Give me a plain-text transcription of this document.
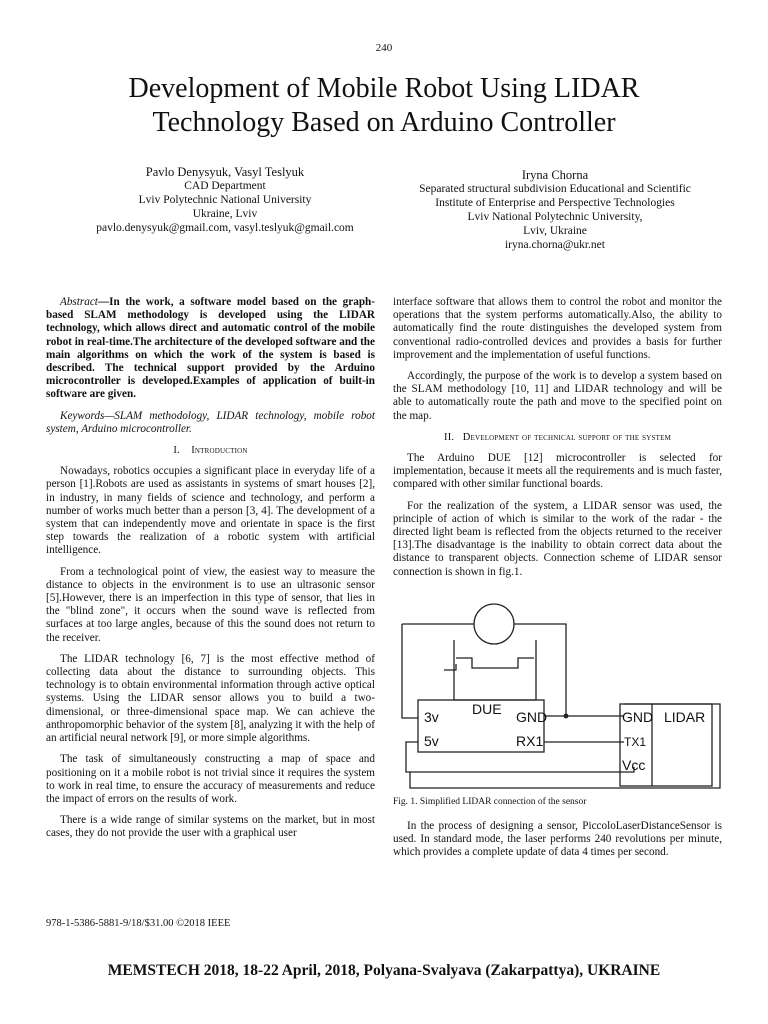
240
Development of Mobile Robot Using LIDAR
Technology Based on Arduino Controller
Pavlo Denysyuk, Vasyl Teslyuk
CAD Department
Lviv Polytechnic National University
Ukraine, Lviv
pavlo.denysyuk@gmail.com, vasyl.teslyuk@gmail.com
Iryna Chorna
Separated structural subdivision Educational and Scientific
Institute of Enterprise and Perspective Technologies
Lviv National Polytechnic University,
Lviv, Ukraine
iryna.chorna@ukr.net

Abstract—In the work, a software model based on the graph-based SLAM methodology is developed using the LIDAR technology, which allows direct and automatic control of the mobile robot in real-time.The architecture of the developed software and the main algorithms on which the work of the system is based is described. The technical support provided by the Arduino microcontroller is developed.Examples of application of built-in software are given.

Keywords—SLAM methodology, LIDAR technology, mobile robot system, Arduino microcontroller.

I. Introduction

Nowadays, robotics occupies a significant place in everyday life of a person [1].Robots are used as assistants in systems of smart houses [2], in industry, in many fields of science and technology, and perform a number of works much better than a person [3, 4]. The development of a system that can independently move and orientate in space is the first step towards the realization of a robotic system with artificial intelligence.

From a technological point of view, the easiest way to measure the distance to objects in the environment is to use an ultrasonic sensor [5].However, there is an imperfection in this type of sensor, that lies in the "blind zone", it occurs when the sound wave is reflected from surfaces at too large angles, because of this the sound does not return to the receiver.

The LIDAR technology [6, 7] is the most effective method of collecting data about the distance to surrounding objects. This technology is to obtain environmental information through active optical systems. Using the LIDAR sensor allows you to build a two-dimensional, or three-dimensional space map. We can achieve the anthropomorphic behavior of the system [8], analyzing it with the help of an artificial neural network [9], or more simple algorithms.

The task of simultaneously constructing a map of space and positioning on it a mobile robot is not trivial since it requires the system to work in real time, to ensure the accuracy of measurements and reduce the impact of errors on the results of work.

There is a wide range of similar systems on the market, but in most cases, they do not provide the user with a graphical user

interface software that allows them to control the robot and monitor the operations that the system performs automatically.Also, the ability to automatically find the route distinguishes the developed system from conventional radio-controlled devices and provides a basis for further improvement and the implementation of useful functions.

Accordingly, the purpose of the work is to develop a system based on the SLAM methodology [10, 11] and LIDAR technology and will be able to automatically route the path and move to the specified point on the map.

II. Development of technical support of the system

The Arduino DUE [12] microcontroller is selected for implementation, because it meets all the requirements and is much faster, compared with other similar functional boards.

For the realization of the system, a LIDAR sensor was used, the principle of action of which is similar to the work of the radar - the directed light beam is reflected from the objects returned to the receiver [13].The disadvantage is the inability to obtain correct data about the distance to transparent objects. Connection scheme of LIDAR sensor connection is shown in fig.1.

3v
5v
DUE GND
RX1
GND
TX1
Vcc
LIDAR
Fig. 1. Simplified LIDAR connection of the sensor

In the process of designing a sensor, PiccoloLaserDistanceSensor is used. In standard mode, the laser performs 240 revolutions per minute, which provides a complete update of data 4 times per second.

978-1-5386-5881-9/18/$31.00 ©2018 IEEE
MEMSTECH 2018, 18-22 April, 2018, Polyana-Svalyava (Zakarpattya), UKRAINE
